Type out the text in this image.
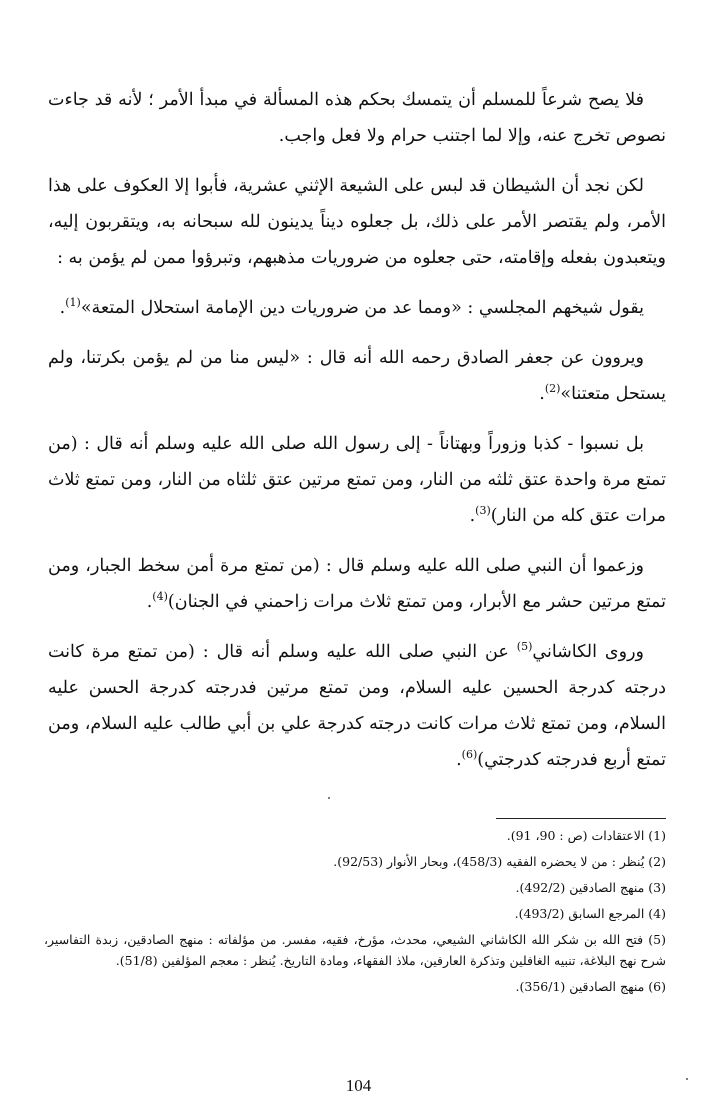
فلا يصح شرعاً للمسلم أن يتمسك بحكم هذه المسألة في مبدأ الأمر ؛ لأنه قد جاءت نصوص تخرج عنه، وإلا لما اجتنب حرام ولا فعل واجب.

لكن نجد أن الشيطان قد لبس على الشيعة الإثني عشرية، فأبوا إلا العكوف على هذا الأمر، ولم يقتصر الأمر على ذلك، بل جعلوه ديناً يدينون لله سبحانه به، ويتقربون إليه، ويتعبدون بفعله وإقامته، حتى جعلوه من ضروريات مذهبهم، وتبرؤوا ممن لم يؤمن به :

يقول شيخهم المجلسي : «ومما عد من ضروريات دين الإمامة استحلال المتعة»$^{(1)}$.

ويروون عن جعفر الصادق رحمه الله أنه قال : «ليس منا من لم يؤمن بكرتنا، ولم يستحل متعتنا»$^{(2)}$.

بل نسبوا - كذبا وزوراً وبهتاناً - إلى رسول الله صلى الله عليه وسلم أنه قال : (من تمتع مرة واحدة عتق ثلثه من النار، ومن تمتع مرتين عتق ثلثاه من النار، ومن تمتع ثلاث مرات عتق كله من النار)$^{(3)}$.

وزعموا أن النبي صلى الله عليه وسلم قال : (من تمتع مرة أمن سخط الجبار، ومن تمتع مرتين حشر مع الأبرار، ومن تمتع ثلاث مرات زاحمني في الجنان)$^{(4)}$.

وروى الكاشاني$^{(5)}$ عن النبي صلى الله عليه وسلم أنه قال : (من تمتع مرة كانت درجته كدرجة الحسين عليه السلام، ومن تمتع مرتين فدرجته كدرجة الحسن عليه السلام، ومن تمتع ثلاث مرات كانت درجته كدرجة علي بن أبي طالب عليه السلام، ومن تمتع أربع فدرجته كدرجتي)$^{(6)}$.

(1) الاعتقادات (ص : 90، 91).

(2) يُنظر : من لا يحضره الفقيه (458/3)، وبحار الأنوار (92/53).

(3) منهج الصادقين (492/2).

(4) المرجع السابق (493/2).

(5) فتح الله بن شكر الله الكاشاني الشيعي، محدث، مؤرخ، فقيه، مفسر. من مؤلفاته : منهج الصادقين، زبدة التفاسير، شرح نهج البلاغة، تنبيه الغافلين وتذكرة العارفين، ملاذ الفقهاء، ومادة التاريخ. يُنظر : معجم المؤلفين (51/8).

(6) منهج الصادقين (356/1).

104
